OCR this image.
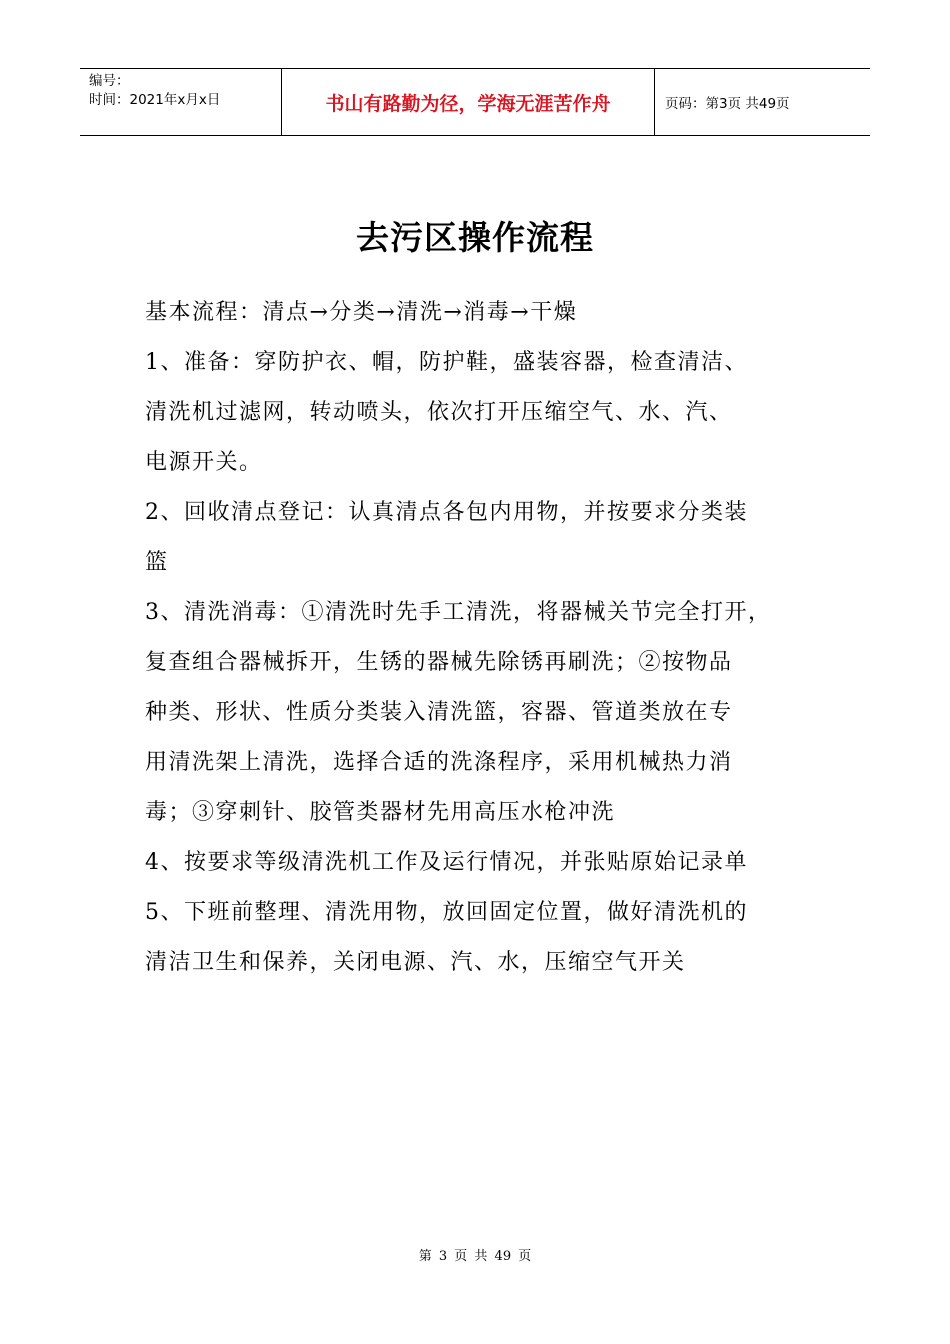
编号：
时间：2021年x月x日	书山有路勤为径，学海无涯苦作舟	页码：第3页 共49页
去污区操作流程
基本流程：清点→分类→清洗→消毒→干燥
1、准备：穿防护衣、帽，防护鞋，盛装容器，检查清洁、
清洗机过滤网，转动喷头，依次打开压缩空气、水、汽、
电源开关。
2、回收清点登记：认真清点各包内用物，并按要求分类装
篮
3、清洗消毒：①清洗时先手工清洗，将器械关节完全打开，
复查组合器械拆开，生锈的器械先除锈再刷洗；②按物品
种类、形状、性质分类装入清洗篮，容器、管道类放在专
用清洗架上清洗，选择合适的洗涤程序，采用机械热力消
毒；③穿刺针、胶管类器材先用高压水枪冲洗
4、按要求等级清洗机工作及运行情况，并张贴原始记录单
5、下班前整理、清洗用物，放回固定位置，做好清洗机的
清洁卫生和保养，关闭电源、汽、水，压缩空气开关
第 3 页 共 49 页
